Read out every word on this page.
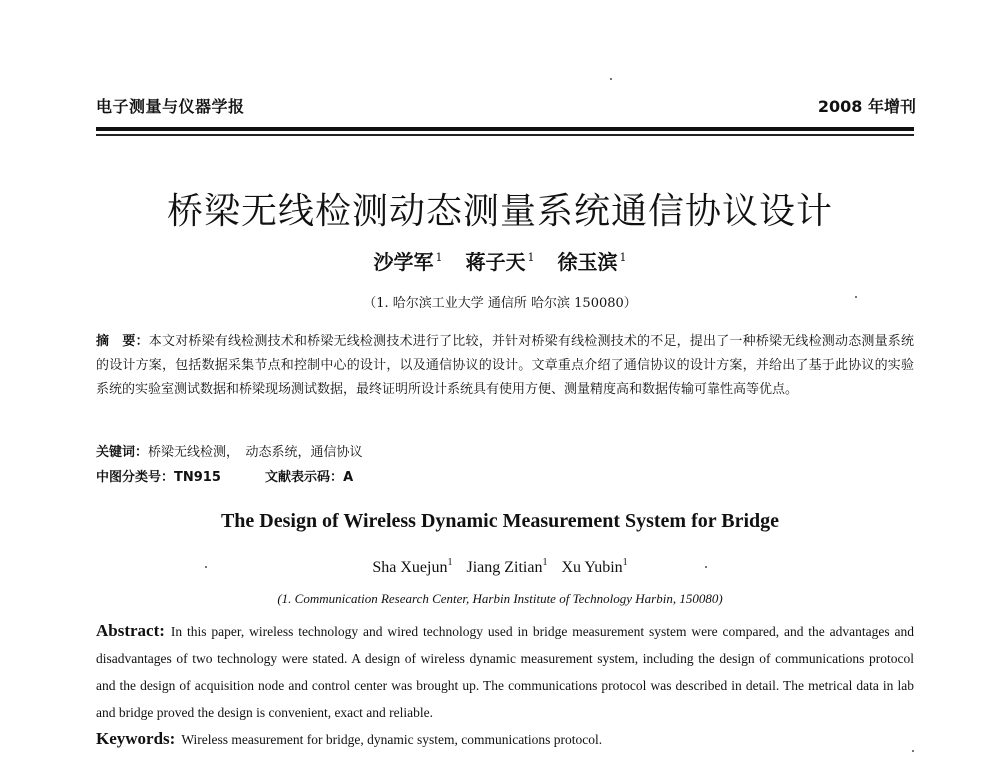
电子测量与仪器学报	2008 年增刊
桥梁无线检测动态测量系统通信协议设计
沙学军 $^1$ 蒋子天 $^1$ 徐玉滨 $^1$
（1. 哈尔滨工业大学 通信所 哈尔滨 150080）
摘　要：本文对桥梁有线检测技术和桥梁无线检测技术进行了比较，并针对桥梁有线检测技术的不足，提出了一种桥梁无线检测动态测量系统的设计方案，包括数据采集节点和控制中心的设计，以及通信协议的设计。文章重点介绍了通信协议的设计方案，并给出了基于此协议的实验系统的实验室测试数据和桥梁现场测试数据，最终证明所设计系统具有使用方便、测量精度高和数据传输可靠性高等优点。
关键词：桥梁无线检测，　动态系统，通信协议
中图分类号：TN915	文献表示码：A
The Design of Wireless Dynamic Measurement System for Bridge
Sha Xuejun$^1$ Jiang Zitian$^1$ Xu Yubin$^1$
(1. Communication Research Center, Harbin Institute of Technology Harbin, 150080)
Abstract: In this paper, wireless technology and wired technology used in bridge measurement system were compared, and the advantages and disadvantages of two technology were stated. A design of wireless dynamic measurement system, including the design of communications protocol and the design of acquisition node and control center was brought up. The communications protocol was described in detail. The metrical data in lab and bridge proved the design is convenient, exact and reliable.
Keywords: Wireless measurement for bridge, dynamic system, communications protocol.
